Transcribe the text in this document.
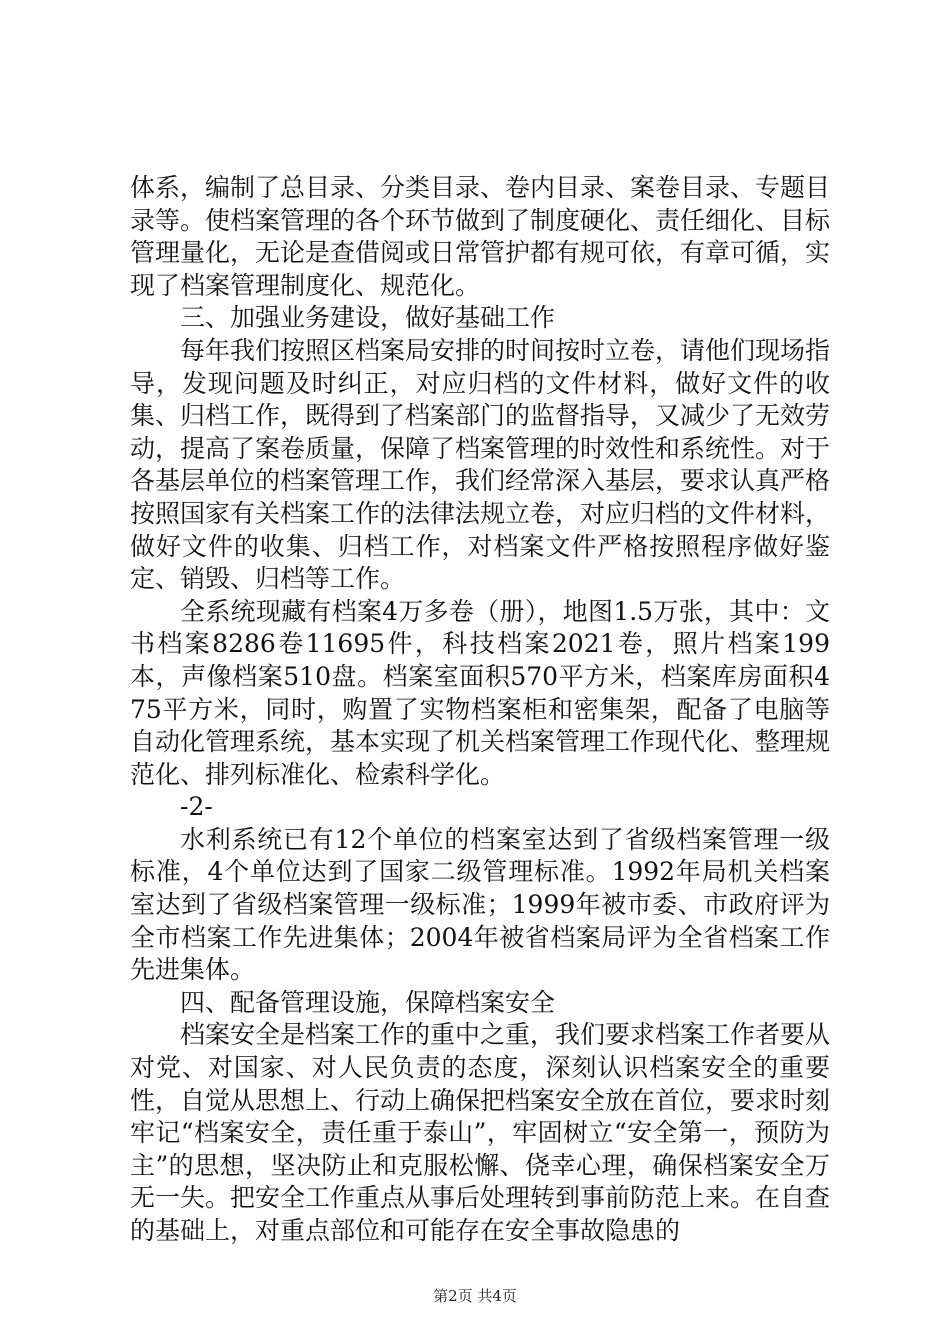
体系，编制了总目录、分类目录、卷内目录、案卷目录、专题目录等。使档案管理的各个环节做到了制度硬化、责任细化、目标管理量化，无论是查借阅或日常管护都有规可依，有章可循，实现了档案管理制度化、规范化。

三、加强业务建设，做好基础工作

每年我们按照区档案局安排的时间按时立卷，请他们现场指导，发现问题及时纠正，对应归档的文件材料，做好文件的收集、归档工作，既得到了档案部门的监督指导，又减少了无效劳动，提高了案卷质量，保障了档案管理的时效性和系统性。对于各基层单位的档案管理工作，我们经常深入基层，要求认真严格按照国家有关档案工作的法律法规立卷，对应归档的文件材料，做好文件的收集、归档工作，对档案文件严格按照程序做好鉴定、销毁、归档等工作。

全系统现藏有档案4万多卷（册），地图1.5万张，其中：文书档案8286卷11695件，科技档案2021卷，照片档案199本，声像档案510盘。档案室面积570平方米，档案库房面积475平方米，同时，购置了实物档案柜和密集架，配备了电脑等自动化管理系统，基本实现了机关档案管理工作现代化、整理规范化、排列标准化、检索科学化。

-2-

水利系统已有12个单位的档案室达到了省级档案管理一级标准，4个单位达到了国家二级管理标准。1992年局机关档案室达到了省级档案管理一级标准；1999年被市委、市政府评为全市档案工作先进集体；2004年被省档案局评为全省档案工作先进集体。

四、配备管理设施，保障档案安全

档案安全是档案工作的重中之重，我们要求档案工作者要从对党、对国家、对人民负责的态度，深刻认识档案安全的重要性，自觉从思想上、行动上确保把档案安全放在首位，要求时刻牢记“档案安全，责任重于泰山”，牢固树立“安全第一，预防为主”的思想，坚决防止和克服松懈、侥幸心理，确保档案安全万无一失。把安全工作重点从事后处理转到事前防范上来。在自查的基础上，对重点部位和可能存在安全事故隐患的

第2页 共4页
